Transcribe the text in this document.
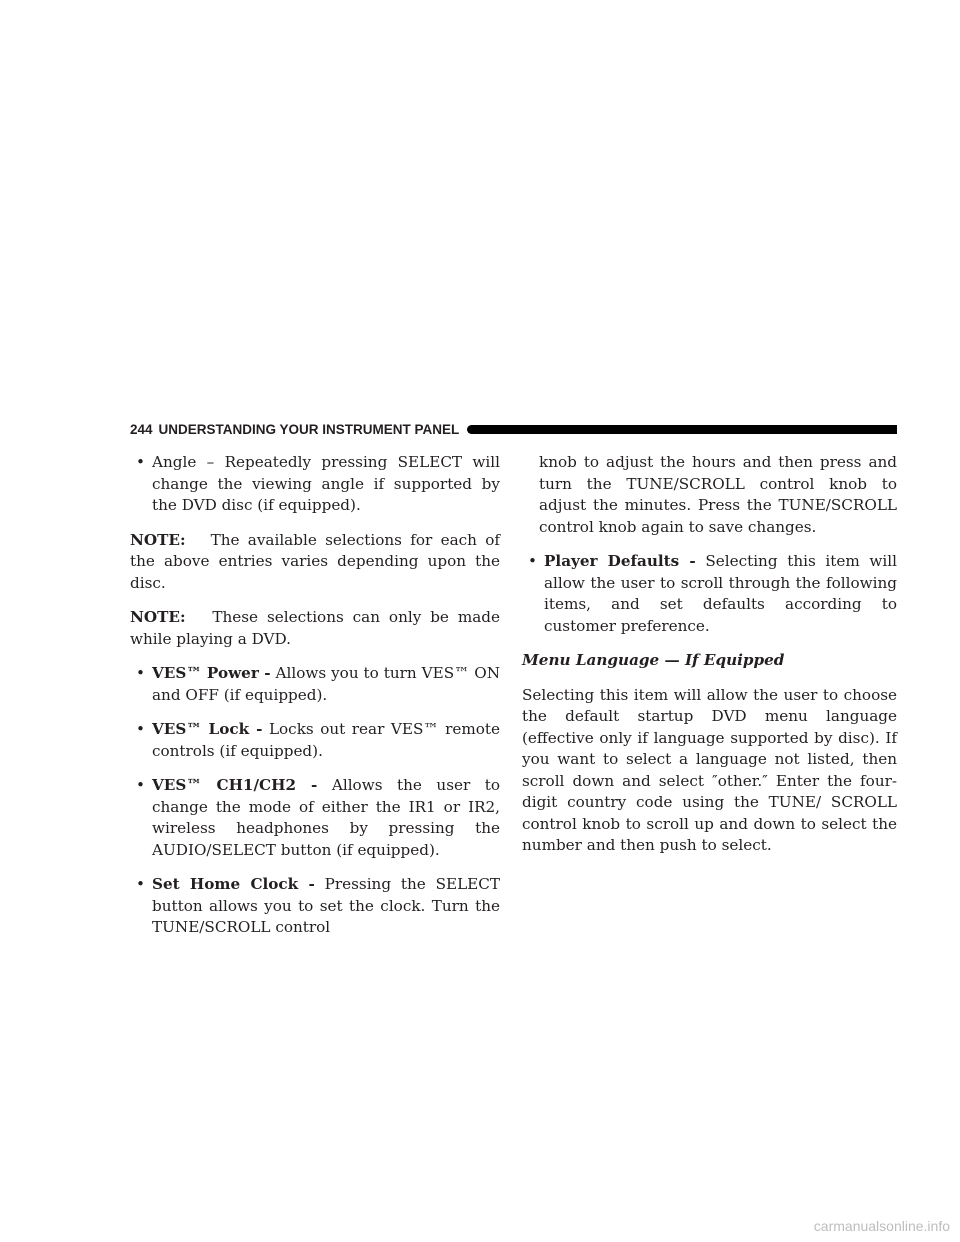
244 UNDERSTANDING YOUR INSTRUMENT PANEL
• Angle – Repeatedly pressing SELECT will change the viewing angle if supported by the DVD disc (if equipped).

NOTE: The available selections for each of the above entries varies depending upon the disc.

NOTE: These selections can only be made while playing a DVD.

• VES™ Power - Allows you to turn VES™ ON and OFF (if equipped).
• VES™ Lock - Locks out rear VES™ remote controls (if equipped).
• VES™ CH1/CH2 - Allows the user to change the mode of either the IR1 or IR2, wireless headphones by pressing the AUDIO/SELECT button (if equipped).
• Set Home Clock - Pressing the SELECT button allows you to set the clock. Turn the TUNE/SCROLL control

knob to adjust the hours and then press and turn the TUNE/SCROLL control knob to adjust the minutes. Press the TUNE/SCROLL control knob again to save changes.

• Player Defaults - Selecting this item will allow the user to scroll through the following items, and set defaults according to customer preference.

Menu Language — If Equipped

Selecting this item will allow the user to choose the default startup DVD menu language (effective only if language supported by disc). If you want to select a language not listed, then scroll down and select ″other.″ Enter the four-digit country code using the TUNE/ SCROLL control knob to scroll up and down to select the number and then push to select.

carmanualsonline.info
